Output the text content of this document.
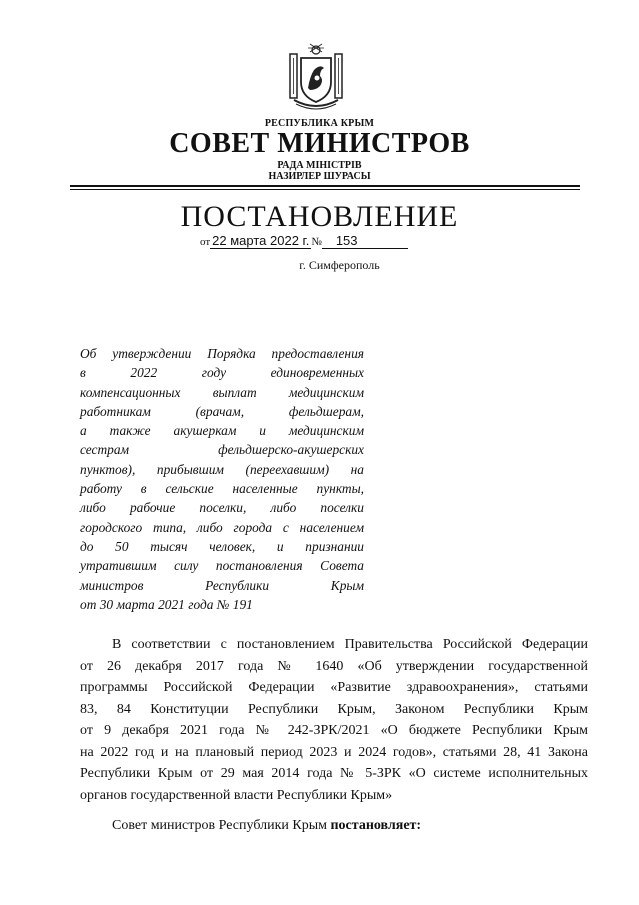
РЕСПУБЛИКА КРЫМ
СОВЕТ МИНИСТРОВ
РАДА МІНІСТРІВ
НАЗИРЛЕР ШУРАСЫ
ПОСТАНОВЛЕНИЕ
от 22 марта 2022 г. № 153
г. Симферополь
Об утверждении Порядка предоставления
в 2022 году единовременных
компенсационных выплат медицинским
работникам (врачам, фельдшерам,
а также акушеркам и медицинским
сестрам фельдшерско-акушерских
пунктов), прибывшим (переехавшим) на
работу в сельские населенные пункты,
либо рабочие поселки, либо поселки
городского типа, либо города с населением
до 50 тысяч человек, и признании
утратившим силу постановления Совета
министров Республики Крым
от 30 марта 2021 года № 191
В соответствии с постановлением Правительства Российской Федерации
от 26 декабря 2017 года № 1640 «Об утверждении государственной
программы Российской Федерации «Развитие здравоохранения», статьями
83, 84 Конституции Республики Крым, Законом Республики Крым
от 9 декабря 2021 года № 242-ЗРК/2021 «О бюджете Республики Крым
на 2022 год и на плановый период 2023 и 2024 годов», статьями 28, 41 Закона
Республики Крым от 29 мая 2014 года № 5-ЗРК «О системе исполнительных
органов государственной власти Республики Крым»
Совет министров Республики Крым постановляет:
